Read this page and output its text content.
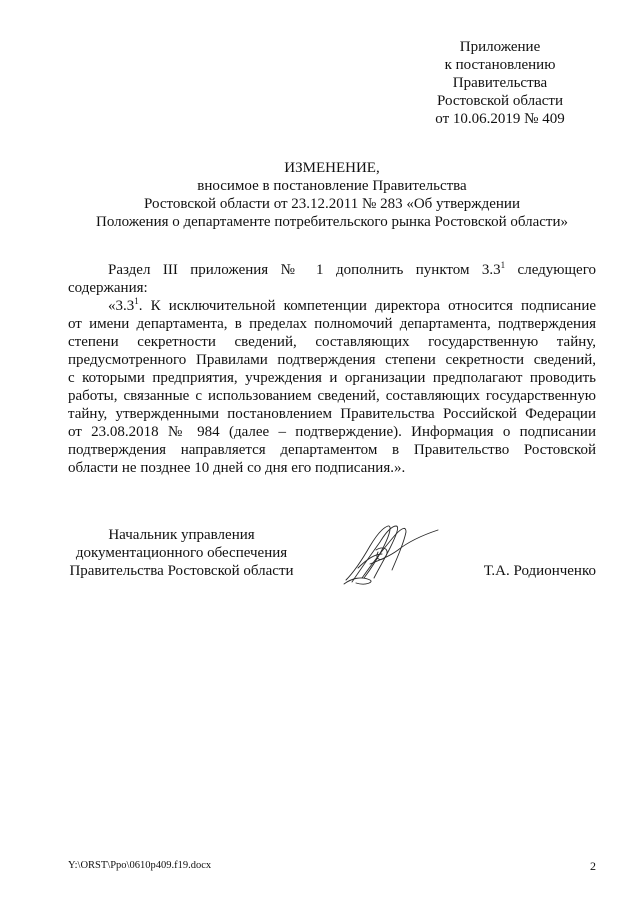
Приложение
к постановлению
Правительства
Ростовской области
от 10.06.2019 № 409
ИЗМЕНЕНИЕ,
вносимое в постановление Правительства
Ростовской области от 23.12.2011 № 283 «Об утверждении
Положения о департаменте потребительского рынка Ростовской области»
Раздел III приложения № 1 дополнить пунктом $3.3^1$ следующего
содержания:
«$3.3^1$. К исключительной компетенции директора относится подписание
от имени департамента, в пределах полномочий департамента, подтверждения
степени секретности сведений, составляющих государственную тайну,
предусмотренного Правилами подтверждения степени секретности сведений,
с которыми предприятия, учреждения и организации предполагают проводить
работы, связанные с использованием сведений, составляющих государственную
тайну, утвержденными постановлением Правительства Российской Федерации
от 23.08.2018 № 984 (далее – подтверждение). Информация о подписании
подтверждения направляется департаментом в Правительство Ростовской
области не позднее 10 дней со дня его подписания.».
Начальник управления
документационного обеспечения
Правительства Ростовской области	Т.А. Родионченко
Y:\ORST\Ppo\0610p409.f19.docx	2
